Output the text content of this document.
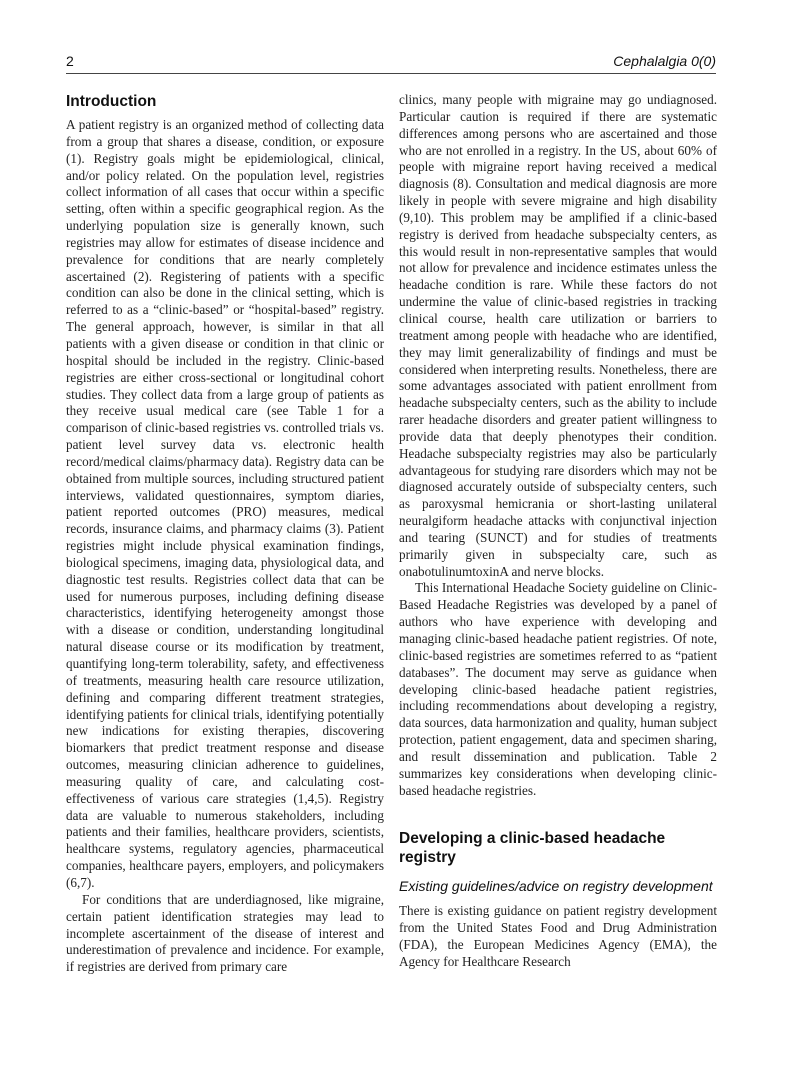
2	Cephalalgia 0(0)
Introduction

A patient registry is an organized method of collecting data from a group that shares a disease, condition, or exposure (1). Registry goals might be epidemiological, clinical, and/or policy related. On the population level, registries collect information of all cases that occur within a specific setting, often within a specific geographical region. As the underlying population size is generally known, such registries may allow for estimates of disease incidence and prevalence for conditions that are nearly completely ascertained (2). Registering of patients with a specific condition can also be done in the clinical setting, which is referred to as a “clinic-based” or “hospital-based” registry. The general approach, however, is similar in that all patients with a given disease or condition in that clinic or hospital should be included in the registry. Clinic-based registries are either cross-sectional or longitudinal cohort studies. They collect data from a large group of patients as they receive usual medical care (see Table 1 for a comparison of clinic-based registries vs. controlled trials vs. patient level survey data vs. electronic health record/medical claims/pharmacy data). Registry data can be obtained from multiple sources, including structured patient interviews, validated questionnaires, symptom diaries, patient reported outcomes (PRO) measures, medical records, insurance claims, and pharmacy claims (3). Patient registries might include physical examination findings, biological specimens, imaging data, physiological data, and diagnostic test results. Registries collect data that can be used for numerous purposes, including defining disease characteristics, identifying heterogeneity amongst those with a disease or condition, understanding longitudinal natural disease course or its modification by treatment, quantifying long-term tolerability, safety, and effectiveness of treatments, measuring health care resource utilization, defining and comparing different treatment strategies, identifying patients for clinical trials, identifying potentially new indications for existing therapies, discovering biomarkers that predict treatment response and disease outcomes, measuring clinician adherence to guidelines, measuring quality of care, and calculating cost-effectiveness of various care strategies (1,4,5). Registry data are valuable to numerous stakeholders, including patients and their families, healthcare providers, scientists, healthcare systems, regulatory agencies, pharmaceutical companies, healthcare payers, employers, and policymakers (6,7).

For conditions that are underdiagnosed, like migraine, certain patient identification strategies may lead to incomplete ascertainment of the disease of interest and underestimation of prevalence and incidence. For example, if registries are derived from primary care

clinics, many people with migraine may go undiagnosed. Particular caution is required if there are systematic differences among persons who are ascertained and those who are not enrolled in a registry. In the US, about 60% of people with migraine report having received a medical diagnosis (8). Consultation and medical diagnosis are more likely in people with severe migraine and high disability (9,10). This problem may be amplified if a clinic-based registry is derived from headache subspecialty centers, as this would result in non-representative samples that would not allow for prevalence and incidence estimates unless the headache condition is rare. While these factors do not undermine the value of clinic-based registries in tracking clinical course, health care utilization or barriers to treatment among people with headache who are identified, they may limit generalizability of findings and must be considered when interpreting results. Nonetheless, there are some advantages associated with patient enrollment from headache subspecialty centers, such as the ability to include rarer headache disorders and greater patient willingness to provide data that deeply phenotypes their condition. Headache subspecialty registries may also be particularly advantageous for studying rare disorders which may not be diagnosed accurately outside of subspecialty centers, such as paroxysmal hemicrania or short-lasting unilateral neuralgiform headache attacks with conjunctival injection and tearing (SUNCT) and for studies of treatments primarily given in subspecialty care, such as onabotulinumtoxinA and nerve blocks.

This International Headache Society guideline on Clinic-Based Headache Registries was developed by a panel of authors who have experience with developing and managing clinic-based headache patient registries. Of note, clinic-based registries are sometimes referred to as “patient databases”. The document may serve as guidance when developing clinic-based headache patient registries, including recommendations about developing a registry, data sources, data harmonization and quality, human subject protection, patient engagement, data and specimen sharing, and result dissemination and publication. Table 2 summarizes key considerations when developing clinic-based headache registries.

Developing a clinic-based headache registry
Existing guidelines/advice on registry development

There is existing guidance on patient registry development from the United States Food and Drug Administration (FDA), the European Medicines Agency (EMA), the Agency for Healthcare Research
